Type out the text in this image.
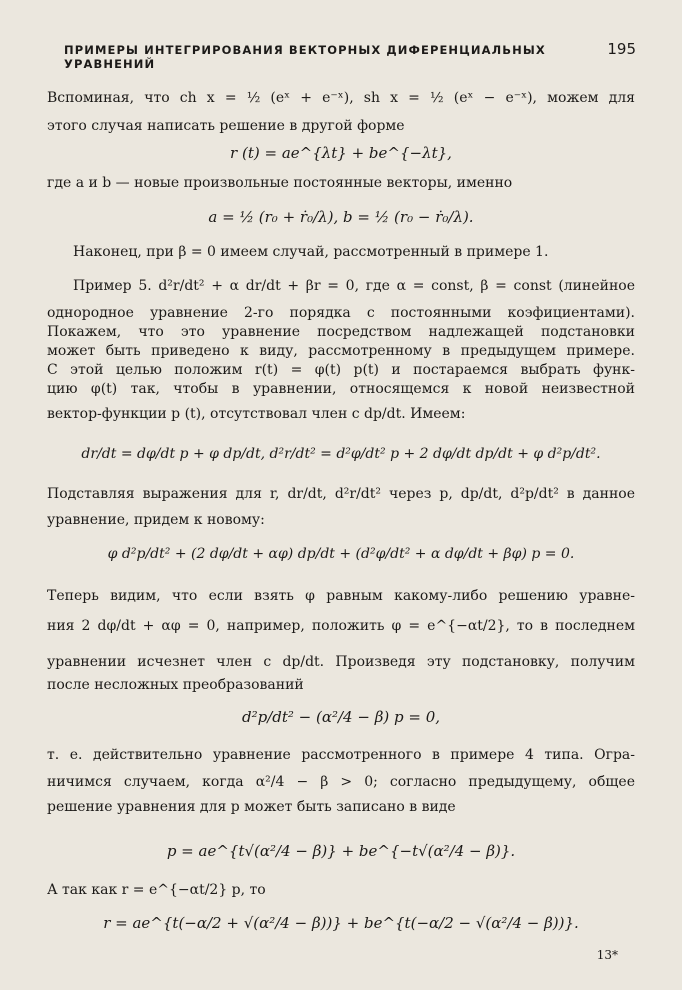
ПРИМЕРЫ ИНТЕГРИРОВАНИЯ ВЕКТОРНЫХ ДИФЕРЕНЦИАЛЬНЫХ УРАВНЕНИЙ
195
Вспоминая, что ch x = ½ (eˣ + e⁻ˣ), sh x = ½ (eˣ − e⁻ˣ), можем для
этого случая написать решение в другой форме
r (t) = ae^{λt} + be^{−λt},
где a и b — новые произвольные постоянные векторы, именно
a = ½ (r₀ + ṙ₀/λ), b = ½ (r₀ − ṙ₀/λ).
Наконец, при β = 0 имеем случай, рассмотренный в примере 1.
Пример 5. d²r/dt² + α dr/dt + βr = 0, где α = const, β = const (линейное
однородное уравнение 2-го порядка с постоянными коэфициентами).
Покажем, что это уравнение посредством надлежащей подстановки
может быть приведено к виду, рассмотренному в предыдущем примере.
С этой целью положим r(t) = φ(t) p(t) и постараемся выбрать функ-
цию φ(t) так, чтобы в уравнении, относящемся к новой неизвестной
вектор-функции p (t), отсутствовал член с dp/dt. Имеем:
dr/dt = dφ/dt p + φ dp/dt, d²r/dt² = d²φ/dt² p + 2 dφ/dt dp/dt + φ d²p/dt².
Подставляя выражения для r, dr/dt, d²r/dt² через p, dp/dt, d²p/dt² в данное
уравнение, придем к новому:
φ d²p/dt² + (2 dφ/dt + αφ) dp/dt + (d²φ/dt² + α dφ/dt + βφ) p = 0.
Теперь видим, что если взять φ равным какому-либо решению уравне-
ния 2 dφ/dt + αφ = 0, например, положить φ = e^{−αt/2}, то в последнем
уравнении исчезнет член с dp/dt. Произведя эту подстановку, получим
после несложных преобразований
d²p/dt² − (α²/4 − β) p = 0,
т. е. действительно уравнение рассмотренного в примере 4 типа. Огра-
ничимся случаем, когда α²/4 − β > 0; согласно предыдущему, общее
решение уравнения для p может быть записано в виде
p = ae^{t√(α²/4 − β)} + be^{−t√(α²/4 − β)}.
А так как r = e^{−αt/2} p, то
r = ae^{t(−α/2 + √(α²/4 − β))} + be^{t(−α/2 − √(α²/4 − β))}.
13*
